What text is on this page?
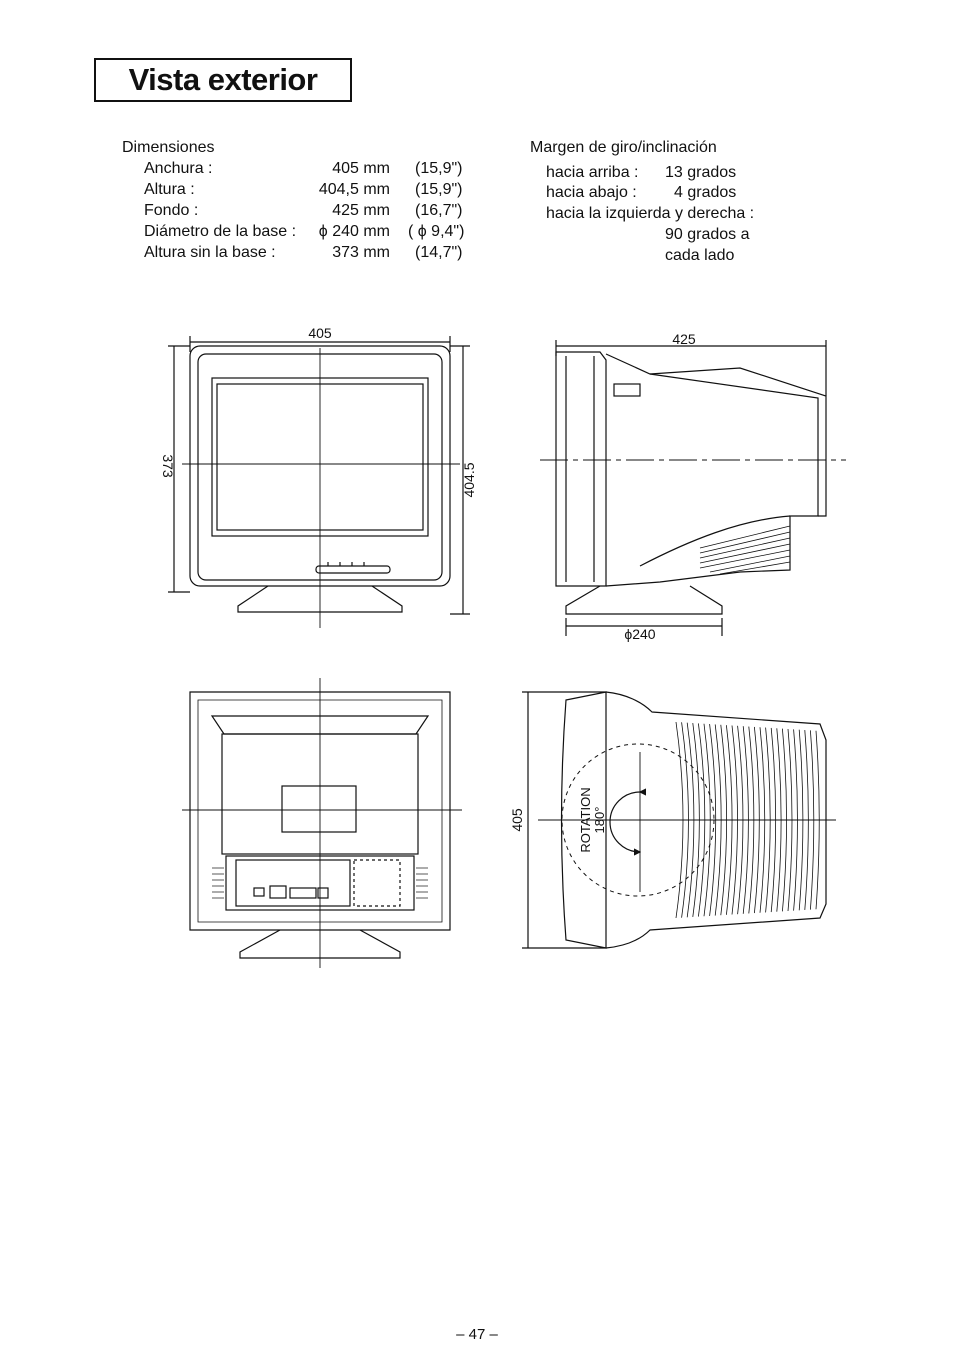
Vista exterior
Dimensiones
Anchura :	405 mm (15,9")
Altura :	404,5 mm (15,9")
Fondo :	425 mm (16,7")
Diámetro de la base :	ϕ 240 mm ( ϕ 9,4")
Altura sin la base :	373 mm (14,7")
Margen de giro/inclinación
hacia arriba : 13 grados
hacia abajo : 4 grados
hacia la izquierda y derecha :
90 grados a
cada lado
405
373	404.5
425
ϕ240
405	ROTATION 180°
– 47 –
